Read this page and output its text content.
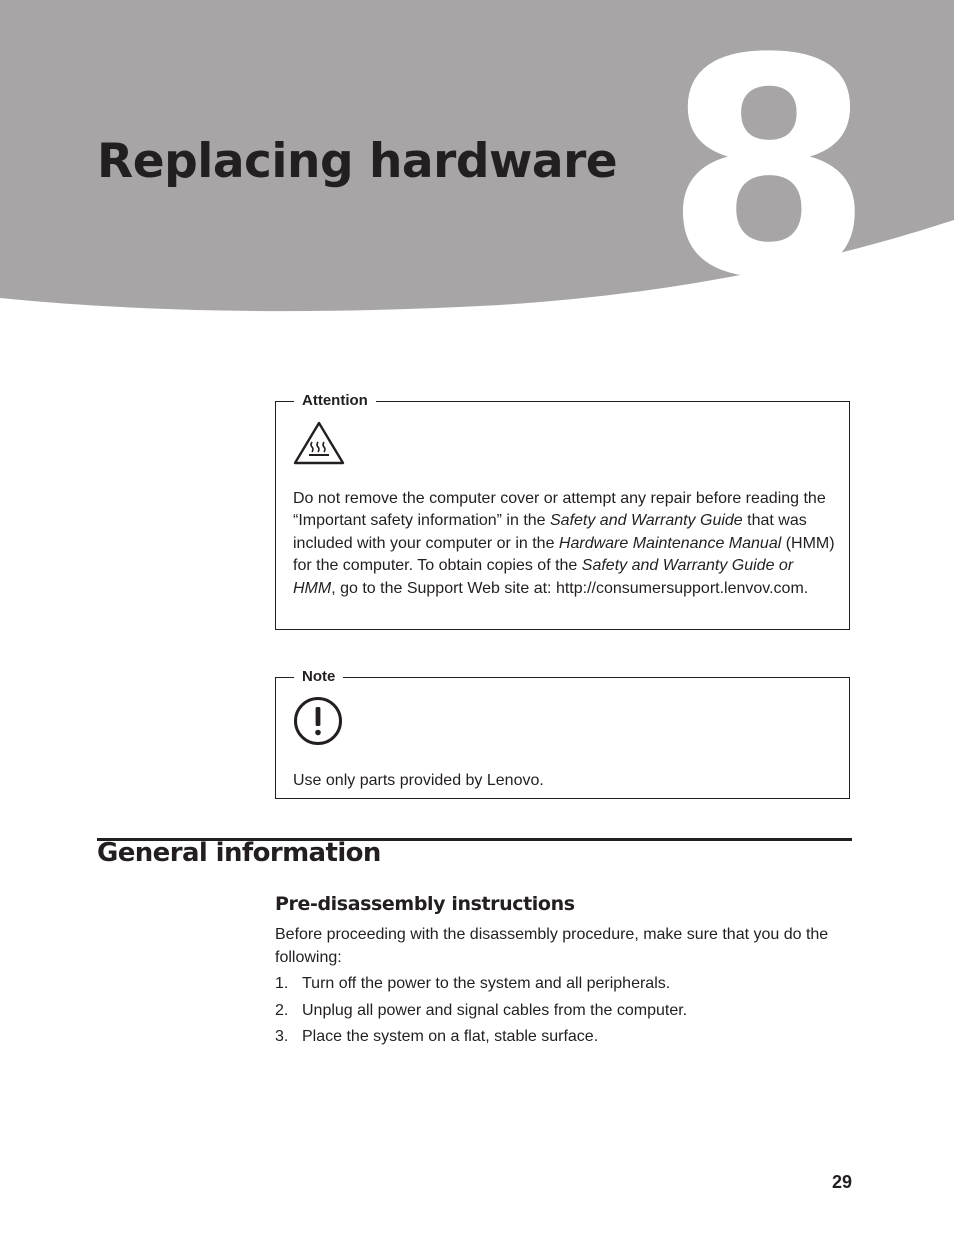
8
Replacing hardware
Attention

Do not remove the computer cover or attempt any repair before reading the “Important safety information” in the Safety and Warranty Guide that was included with your computer or in the Hardware Maintenance Manual (HMM) for the computer. To obtain copies of the Safety and Warranty Guide or HMM, go to the Support Web site at: http://consumersupport.lenvov.com.

Note
Use only parts provided by Lenovo.
General information
Pre-disassembly instructions

Before proceeding with the disassembly procedure, make sure that you do the following:

1. Turn off the power to the system and all peripherals.
2. Unplug all power and signal cables from the computer.
3. Place the system on a flat, stable surface.
29
